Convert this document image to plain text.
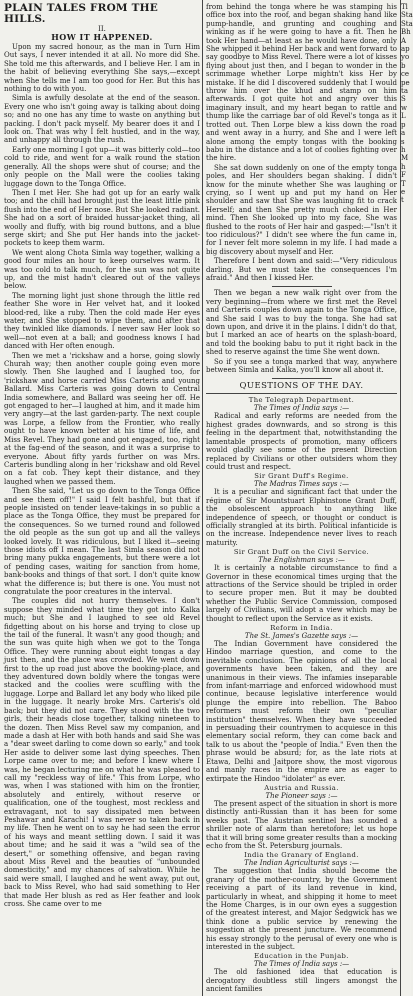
PLAIN TALES FROM THE HILLS.
II.
HOW IT HAPPENED.

Upon my sacred honour, as the man in Turn Him Out says, I never intended it at all. No more did She. She told me this afterwards, and I believe Her. I am in the habit of believing everything She says,—except when She tells me I am too good for Her. But this has nothing to do with you.

Simla is awfully desolate at the end of the season. Every one who isn't going away is talking about doing so; and no one has any time to waste on anything but packing. I don't pack myself. My bearer does it and I look on. That was why I felt hustled, and in the way, and unhappy all through the rush.

Early one morning I got up—it was bitterly cold—too cold to ride, and went for a walk round the station generally. All the shops were shut of course; and the only people on the Mall were the coolies taking luggage down to the Tonga Office.

Then I met Her. She had got up for an early walk too; and the chill had brought just the least little pink flush into the end of Her nose. But She looked radiant. She had on a sort of braided hussar-jacket thing, all woolly and fluffy, with big round buttons, and a blue serge skirt; and She put Her hands into the jacket-pockets to keep them warm.

We went along Chota Simla way together, walking a good four miles an hour to keep ourselves warm. It was too cold to talk much, for the sun was not quite up, and the mist hadn't cleared out of the valleys below.

The morning light just shone through the little red feather She wore in Her velvet hat, and it looked blood-red, like a ruby. Then the cold made Her eyes water, and She stopped to wipe them, and after that they twinkled like diamonds. I never saw Her look so well—not even at a ball; and goodness knows I had danced with Her often enough.

Then we met a 'rickshaw and a horse, going slowly Churah way; then another couple going even more slowly. Then She laughed and I laughed too, for 'rickshaw and horse carried Miss Carteris and young Ballard. Miss Carteris was going down to Central India somewhere, and Ballard was seeing her off. He got engaged to her—I laughed at him, and it made him very angry—at the last garden-party. The next couple was Lorpe, a fellow from the Frontier, who really ought to have known better at his time of life, and Miss Revel. They had gone and got engaged, too, right at the fag-end of the season, and it was a surprise to everyone. About fifty yards further on was Mrs. Carteris bundling along in her 'rickshaw and old Revel on a fat cob. They kept their distance, and they laughed when we passed them.

Then She said, "Let us go down to the Tonga Office and see them off!" I said I felt bashful, but that if people insisted on tender leave-takings in so public a place as the Tonga Office, they must be prepared for the consequences. So we turned round and followed the old people as the sun got up and all the valleys looked lovely. It was ridiculous, but I liked it—seeing those idiots off I mean. The last Simla season did not bring many pukka engagements, but there were a lot of pending cases, waiting for sanction from home, bank-books and things of that sort. I don't quite know what the difference is; but there is one. You must not congratulate the poor creatures in the interval.

The couples did not hurry themselves. I don't suppose they minded what time they got into Kalka much; but She and I laughed to see old Revel fidgetting about on his horse and trying to close up the tail of the funeral. It wasn't any good though; and the sun was quite high when we got to the Tonga Office. They were running about eight tongas a day just then, and the place was crowded. We went down first to the up road just above the booking-place, and they adventured down boldly where the tongas were stacked and the coolies were scuffling with the luggage. Lorpe and Ballard let any body who liked pile in the luggage. It nearly broke Mrs. Carteris's old back; but they did not care. They stood with the two girls, their heads close together, talking nineteen to the dozen. Then Miss Revel saw my companion, and made a dash at Her with both hands and said She was a "dear sweet darling to come down so early," and took Her aside to deliver some last dying speeches. Then Lorpe came over to me; and before I knew where I was, he began lecturing me on what he was pleased to call my "reckless way of life." This from Lorpe, who was, when I was stationed with him on the frontier, absolutely and entirely, without reserve or qualification, one of the toughest, most reckless and extravagant, not to say dissipated men between Peshawar and Karachi! I was never so taken back in my life. Then he went on to say he had seen the error of his ways and meant settling down. I said it was about time; and he said it was a "wild sea of the desert," or something offensive, and began raving about Miss Revel and the beauties of "unbounded domesticity," and my chances of salvation. While he said were small, I laughed and he went away, put out, back to Miss Revel, who had said something to Her that made Her blush as red as Her feather and look cross. She came over to me

from behind the tonga where he was stamping his office box into the roof, and began shaking hand like pump-handle, and grunting and coughing and winking as if he were going to have a fit. Then he took Her hand—at least as he would have done, only She whipped it behind Her back and went forward to say goodbye to Miss Revel. There were a lot of kisses flying about just then, and I began to wonder in the scrimmage whether Lorpe mightn't kiss Her by mistake. If he did I discovered suddenly that I would throw him over the khud and stamp on him afterwards. I got quite hot and angry over this imaginary insult, and my heart began to rattle and thump like the carriage bar of old Revel's tonga as it trotted out. Then Lorpe blew a kiss down the road and went away in a hurry, and She and I were left alone among the empty tongas with the booking babu in the distance and a lot of coolies fighting over the hire.

She sat down suddenly on one of the empty tonga poles, and Her shoulders began shaking. I didn't know for the minute whether She was laughing or crying, so I went up and put my hand on Her shoulder and saw that She was laughing fit to crack Herself; and then She pretty much choked in Her mind. Then She looked up into my face, She was flushed to the roots of Her hair and gasped:—"Isn't it too ridiculous?" I didn't see where the fun came in, for I never felt more solemn in my life. I had made a big discovery about myself and Her.

Therefore I bent down and said:—"Very ridiculous darling. But we must take the consequences I'm afraid." And then I kissed Her.

Then we began a new walk right over from the very beginning—from where we first met the Revel and Carteris couples down again to the Tonga Office, and She said I was to buy the tonga. She had sat down upon, and drive it in the plains. I didn't do that, but I marked an ace of hearts on the splash-board, and told the booking babu to put it right back in the shed to reserve against the time She went down.

So if you see a tonga marked that way, anywhere between Simla and Kalka, you'll know all about it.

QUESTIONS OF THE DAY.
The Telegraph Department.
The Times of India says :—

Radical and early reforms are needed from the highest grades downwards, and so strong is this feeling in the department that, notwithstanding the lamentable prospects of promotion, many officers would gladly see some of the present Direction replaced by Civilians or other outsiders whom they could trust and respect.

Sir Grant Duff's Regime.
The Madras Times says :—

It is a peculiar and significant fact that under the régime of Sir Mountstuart Elphinstone Grant Duff, the obsolescent approach to anything like independence of speech, or thought or conduct is officially strangled at its birth. Political infanticide is on the increase. Independence never lives to reach maturity.

Sir Grant Duff on the Civil Service.
The Englishman says :—

It is certainly a notable circumstance to find a Governor in these economical times urging that the attractions of the Service should be tripled in order to secure proper men. But it may be doubted whether the Public Service Commission, composed largely of Civilians, will adopt a view which may be thought to reflect upon the Service as it exists.

Reform in India.
The St. James's Gazette says :—

The Indian Government have considered the Hindoo marriage question, and come to the inevitable conclusion. The opinions of all the local governments have been taken, and they are unanimous in their views. The infamies inseparable from infant-marriage and enforced widowhood must continue, because legislative interference would plunge the empire into rebellion. The Baboo reformers must reform their own "peculiar institution" themselves. When they have succeeded in persuading their countrymen to acquiesce in this elementary social reform, they can come back and talk to us about the "people of India." Even then the phrase would be absurd; for, as the late riots at Etawa, Delhi and Jaitpore show, the most vigorous and manly races in the empire are as eager to extirpate the Hindoo "idolater" as ever.

Austria and Russia.
The Pioneer says :—

The present aspect of the situation in short is more distinctly anti-Russian than it has been for some weeks past. The Austrian sentinel has sounded a shriller note of alarm than heretofore; let us hope that it will bring some greater results than a mocking echo from the St. Petersburg journals.

India the Granary of England.
The Indian Agriculturist says :—

The suggestion that India should become the granary of the mother-country, by the Government receiving a part of its land revenue in kind, particularly in wheat, and shipping it home to meet the Home Charges, is in our own eyes a suggestion of the greatest interest, and Major Sedgwick has we think done a public service by renewing the suggestion at the present juncture. We recommend his essay strongly to the perusal of every one who is interested in the subject.

Education in the Punjab.
The Times of India says :—

The old fashioned idea that education is derogatory doubtless still lingers amongst the ancient families

Tl
Sta
Sta
Bh
A
ap
yo
b
ce
pe
ta
S
w
L
p
a
s
h
M
h
F
T
e
t
